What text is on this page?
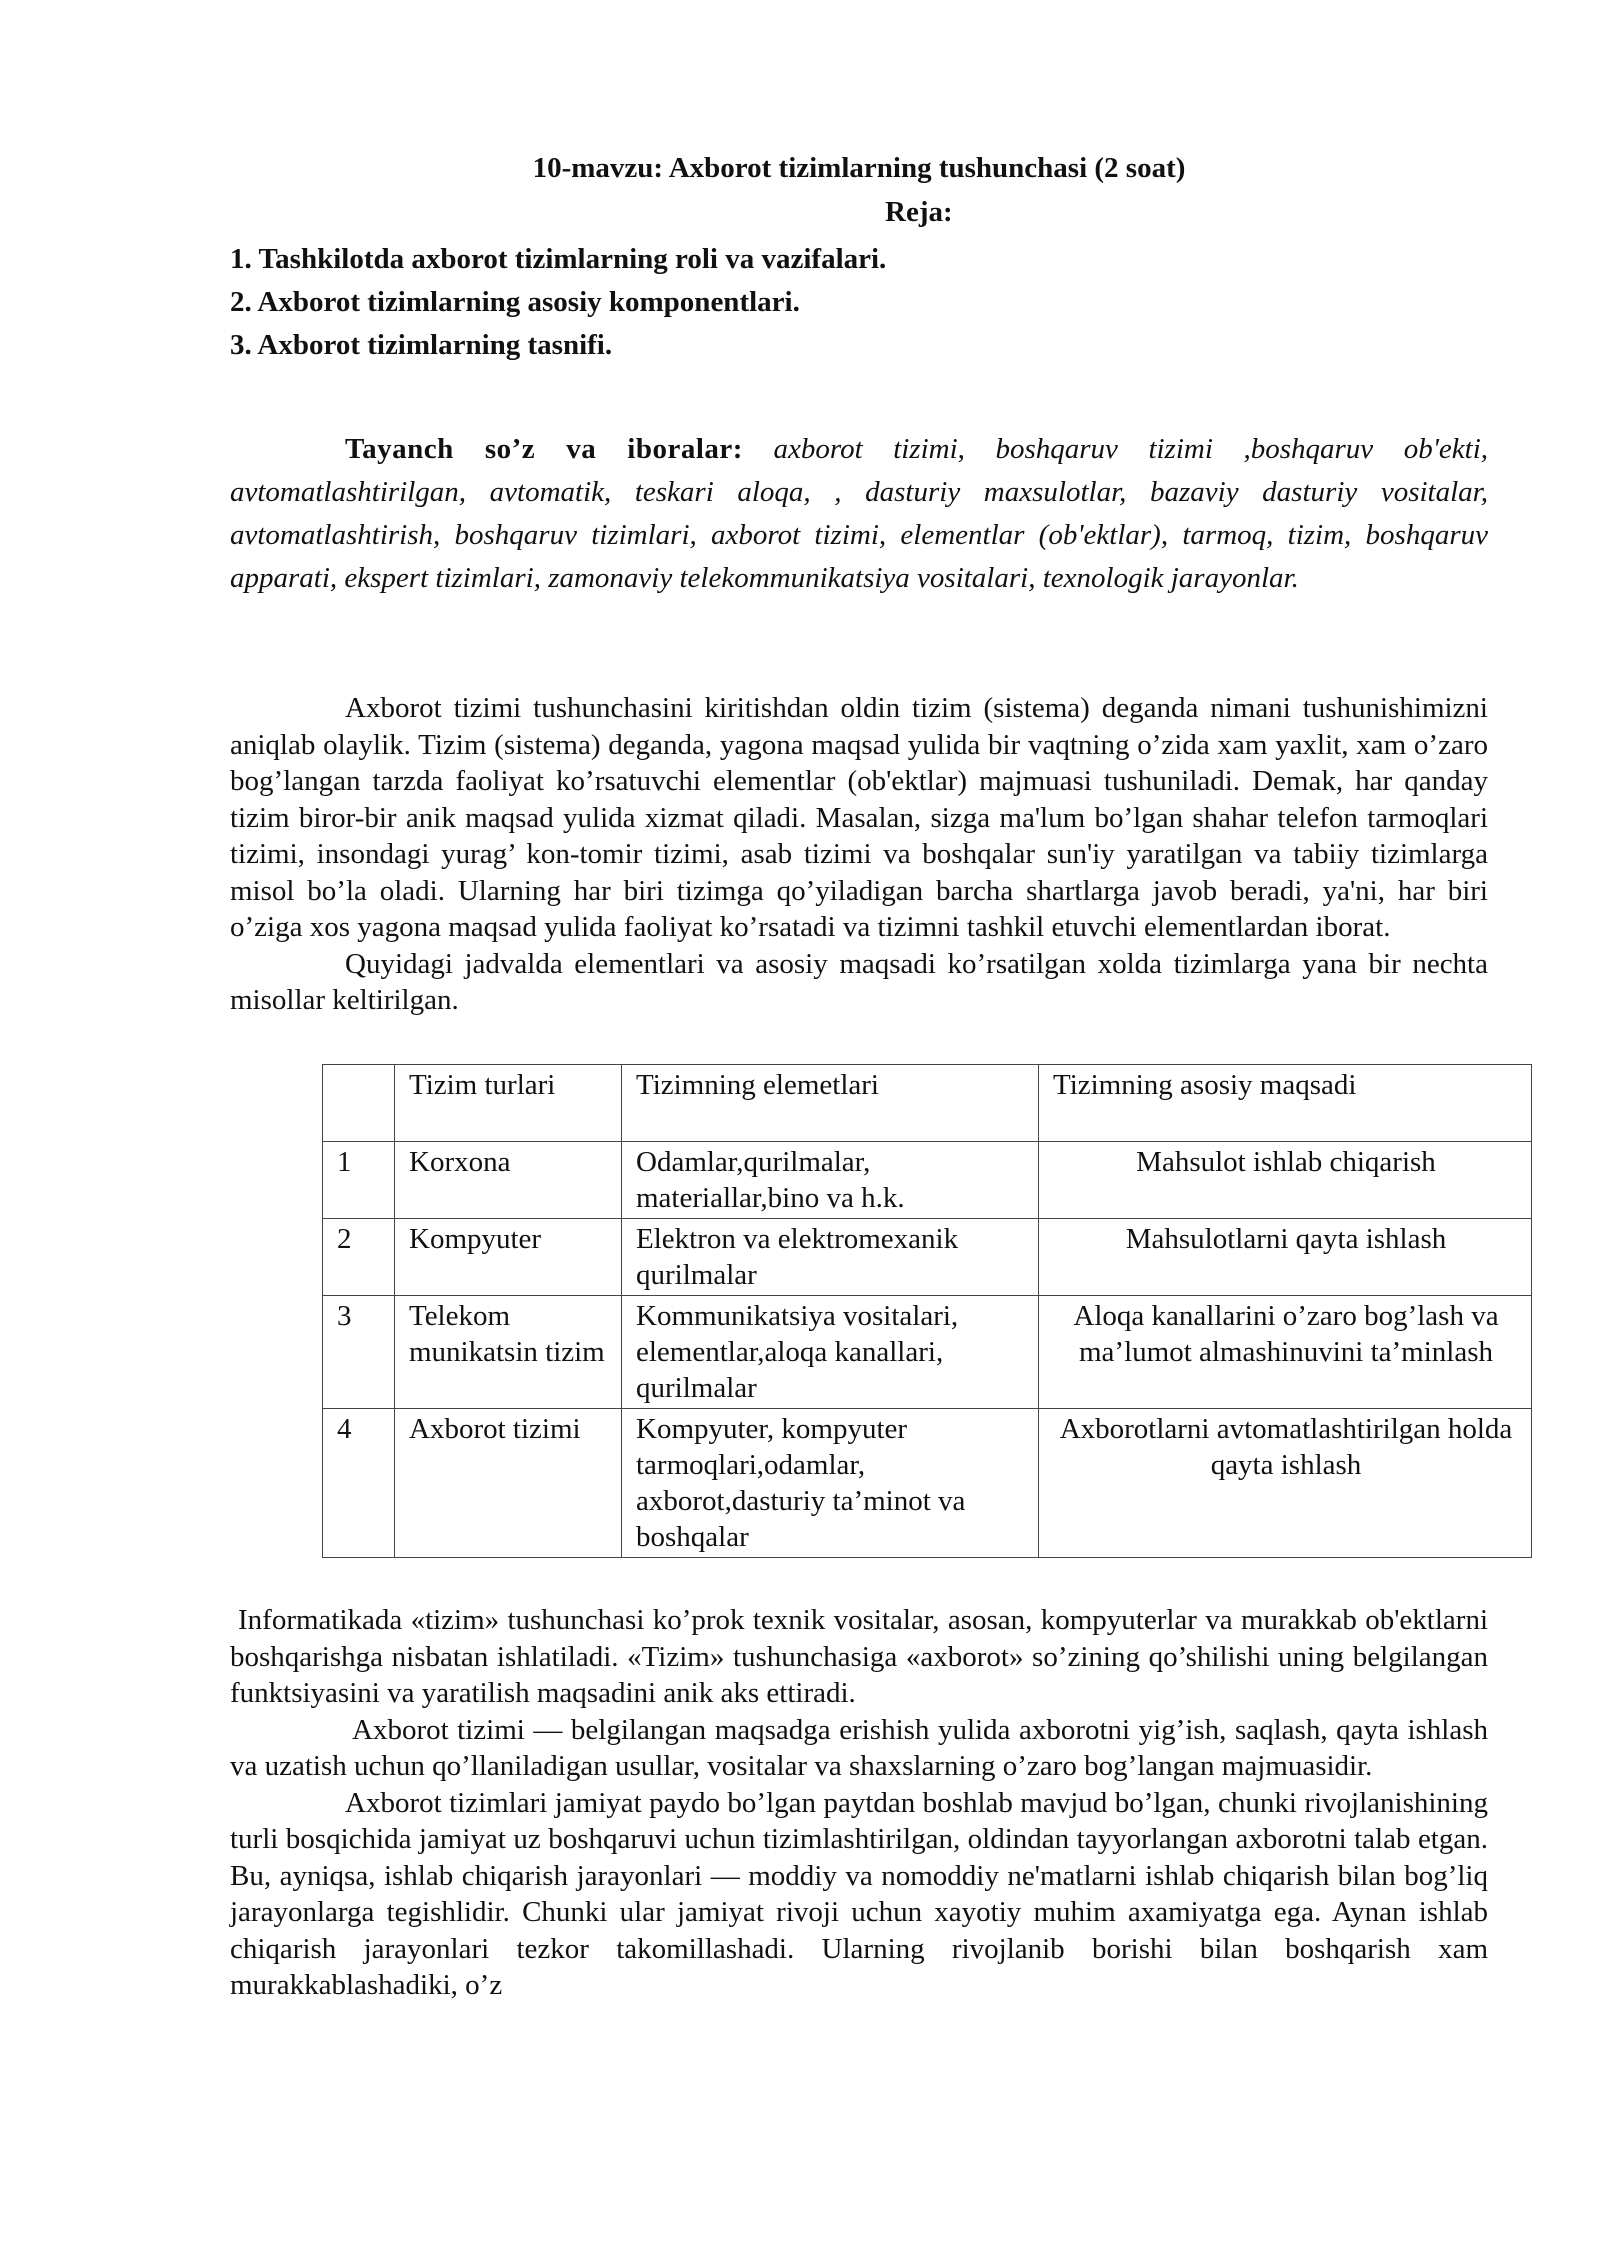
10-mavzu: Axborot tizimlarning tushunchasi (2 soat)
Reja:
1. Tashkilotda axborot tizimlarning roli va vazifalari.
2. Axborot tizimlarning asosiy komponentlari.
3. Axborot tizimlarning tasnifi.

Tayanch so’z va iboralar: axborot tizimi, boshqaruv tizimi ,boshqaruv ob'ekti, avtomatlashtirilgan, avtomatik, teskari aloqa, , dasturiy maxsulotlar, bazaviy dasturiy vositalar, avtomatlashtirish, boshqaruv tizimlari, axborot tizimi, elementlar (ob'ektlar), tarmoq, tizim, boshqaruv apparati, ekspert tizimlari, zamonaviy telekommunikatsiya vositalari, texnologik jarayonlar.

Axborot tizimi tushunchasini kiritishdan oldin tizim (sistema) deganda nimani tushunishimizni aniqlab olaylik. Tizim (sistema) deganda, yagona maqsad yulida bir vaqtning o’zida xam yaxlit, xam o’zaro bog’langan tarzda faoliyat ko’rsatuvchi elementlar (ob'ektlar) majmuasi tushuniladi. Demak, har qanday tizim biror-bir anik maqsad yulida xizmat qiladi. Masalan, sizga ma'lum bo’lgan shahar telefon tarmoqlari tizimi, insondagi yurag’ kon-tomir tizimi, asab tizimi va boshqalar sun'iy yaratilgan va tabiiy tizimlarga misol bo’la oladi. Ularning har biri tizimga qo’yiladigan barcha shartlarga javob beradi, ya'ni, har biri o’ziga xos yagona maqsad yulida faoliyat ko’rsatadi va tizimni tashkil etuvchi elementlardan iborat.

Quyidagi jadvalda elementlari va asosiy maqsadi ko’rsatilgan xolda tizimlarga yana bir nechta misollar keltirilgan.

	Tizim turlari	Tizimning elemetlari	Tizimning asosiy maqsadi
1	Korxona	Odamlar,qurilmalar, materiallar,bino va h.k.	Mahsulot ishlab chiqarish
2	Kompyuter	Elektron va elektromexanik qurilmalar	Mahsulotlarni qayta ishlash
3	Telekom munikatsin tizim	Kommunikatsiya vositalari, elementlar,aloqa kanallari, qurilmalar	Aloqa kanallarini o’zaro bog’lash va ma’lumot almashinuvini ta’minlash
4	Axborot tizimi	Kompyuter, kompyuter tarmoqlari,odamlar, axborot,dasturiy ta’minot va boshqalar	Axborotlarni avtomatlashtirilgan holda qayta ishlash

Informatikada «tizim» tushunchasi ko’prok texnik vositalar, asosan, kompyuterlar va murakkab ob'ektlarni boshqarishga nisbatan ishlatiladi. «Tizim» tushunchasiga «axborot» so’zining qo’shilishi uning belgilangan funktsiyasini va yaratilish maqsadini anik aks ettiradi.

Axborot tizimi — belgilangan maqsadga erishish yulida axborotni yig’ish, saqlash, qayta ishlash va uzatish uchun qo’llaniladigan usullar, vositalar va shaxslarning o’zaro bog’langan majmuasidir.

Axborot tizimlari jamiyat paydo bo’lgan paytdan boshlab mavjud bo’lgan, chunki rivojlanishining turli bosqichida jamiyat uz boshqaruvi uchun tizimlashtirilgan, oldindan tayyorlangan axborotni talab etgan. Bu, ayniqsa, ishlab chiqarish jarayonlari — moddiy va nomoddiy ne'matlarni ishlab chiqarish bilan bog’liq jarayonlarga tegishlidir. Chunki ular jamiyat rivoji uchun xayotiy muhim axamiyatga ega. Aynan ishlab chiqarish jarayonlari tezkor takomillashadi. Ularning rivojlanib borishi bilan boshqarish xam murakkablashadiki, o’z
